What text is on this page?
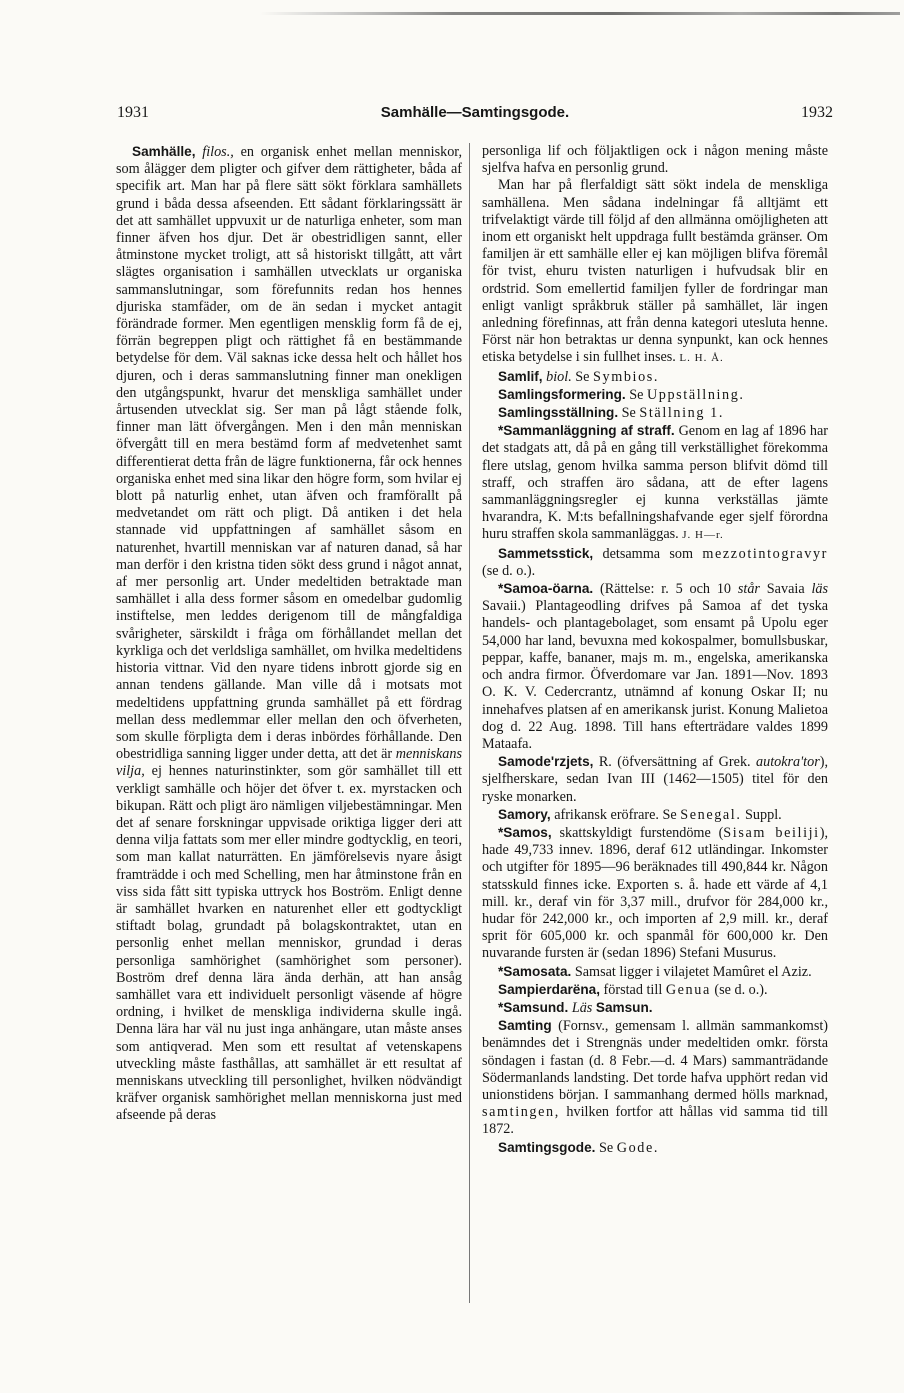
1931	Samhälle—Samtingsgode.	1932

Samhälle, filos., en organisk enhet mellan menniskor, som ålägger dem pligter och gifver dem rättigheter, båda af specifik art. Man har på flere sätt sökt förklara samhällets grund i båda dessa afseenden. Ett sådant förklaringssätt är det att samhället uppvuxit ur de naturliga enheter, som man finner äfven hos djur. Det är obestridligen sannt, eller åtminstone mycket troligt, att så historiskt tillgått, att vårt slägtes organisation i samhällen utvecklats ur organiska sammanslutningar, som förefunnits redan hos hennes djuriska stamfäder, om de än sedan i mycket antagit förändrade former. Men egentligen mensklig form få de ej, förrän begreppen pligt och rättighet få en bestämmande betydelse för dem. Väl saknas icke dessa helt och hållet hos djuren, och i deras sammanslutning finner man onekligen den utgångspunkt, hvarur det menskliga samhället under årtusenden utvecklat sig. Ser man på lågt stående folk, finner man lätt öfvergången. Men i den mån menniskan öfvergått till en mera bestämd form af medvetenhet samt differentierat detta från de lägre funktionerna, får ock hennes organiska enhet med sina likar den högre form, som hvilar ej blott på naturlig enhet, utan äfven och framförallt på medvetandet om rätt och pligt. Då antiken i det hela stannade vid uppfattningen af samhället såsom en naturenhet, hvartill menniskan var af naturen danad, så har man derför i den kristna tiden sökt dess grund i något annat, af mer personlig art. Under medeltiden betraktade man samhället i alla dess former såsom en omedelbar gudomlig instiftelse, men leddes derigenom till de mångfaldiga svårigheter, särskildt i fråga om förhållandet mellan det kyrkliga och det verldsliga samhället, om hvilka medeltidens historia vittnar. Vid den nyare tidens inbrott gjorde sig en annan tendens gällande. Man ville då i motsats mot medeltidens uppfattning grunda samhället på ett fördrag mellan dess medlemmar eller mellan den och öfverheten, som skulle förpligta dem i deras inbördes förhållande. Den obestridliga sanning ligger under detta, att det är menniskans vilja, ej hennes naturinstinkter, som gör samhället till ett verkligt samhälle och höjer det öfver t. ex. myrstacken och bikupan. Rätt och pligt äro nämligen viljebestämningar. Men det af senare forskningar uppvisade oriktiga ligger deri att denna vilja fattats som mer eller mindre godtycklig, en teori, som man kallat naturrätten. En jämförelsevis nyare åsigt framträdde i och med Schelling, men har åtminstone från en viss sida fått sitt typiska uttryck hos Boström. Enligt denne är samhället hvarken en naturenhet eller ett godtyckligt stiftadt bolag, grundadt på bolagskontraktet, utan en personlig enhet mellan menniskor, grundad i deras personliga samhörighet (samhörighet som personer). Boström dref denna lära ända derhän, att han ansåg samhället vara ett individuelt personligt väsende af högre ordning, i hvilket de menskliga individerna skulle ingå. Denna lära har väl nu just inga anhängare, utan måste anses som antiqverad. Men som ett resultat af vetenskapens utveckling måste fasthållas, att samhället är ett resultat af menniskans utveckling till personlighet, hvilken nödvändigt kräfver organisk samhörighet mellan menniskorna just med afseende på deras

personliga lif och följaktligen ock i någon mening måste sjelfva hafva en personlig grund.

Man har på flerfaldigt sätt sökt indela de menskliga samhällena. Men sådana indelningar få alltjämt ett trifvelaktigt värde till följd af den allmänna omöjligheten att inom ett organiskt helt uppdraga fullt bestämda gränser. Om familjen är ett samhälle eller ej kan möjligen blifva föremål för tvist, ehuru tvisten naturligen i hufvudsak blir en ordstrid. Som emellertid familjen fyller de fordringar man enligt vanligt språkbruk ställer på samhället, lär ingen anledning förefinnas, att från denna kategori utesluta henne. Först när hon betraktas ur denna synpunkt, kan ock hennes etiska betydelse i sin fullhet inses. L. H. Å.

Samlif, biol. Se Symbios.

Samlingsformering. Se Uppställning.

Samlingsställning. Se Ställning 1.

*Sammanläggning af straff. Genom en lag af 1896 har det stadgats att, då på en gång till verkställighet förekomma flere utslag, genom hvilka samma person blifvit dömd till straff, och straffen äro sådana, att de efter lagens sammanläggningsregler ej kunna verkställas jämte hvarandra, K. M:ts befallningshafvande eger sjelf förordna huru straffen skola sammanläggas. J. H—r.

Sammetsstick, detsamma som mezzotintogravyr (se d. o.).

*Samoa-öarna. (Rättelse: r. 5 och 10 står Savaia läs Savaii.) Plantageodling drifves på Samoa af det tyska handels- och plantagebolaget, som ensamt på Upolu eger 54,000 har land, bevuxna med kokospalmer, bomullsbuskar, peppar, kaffe, bananer, majs m. m., engelska, amerikanska och andra firmor. Öfverdomare var Jan. 1891—Nov. 1893 O. K. V. Cedercrantz, utnämnd af konung Oskar II; nu innehafves platsen af en amerikansk jurist. Konung Malietoa dog d. 22 Aug. 1898. Till hans efterträdare valdes 1899 Mataafa.

Samode'rzjets, R. (öfversättning af Grek. autokra'tor), sjelfherskare, sedan Ivan III (1462—1505) titel för den ryske monarken.

Samory, afrikansk eröfrare. Se Senegal. Suppl.

*Samos, skattskyldigt furstendöme (Sisam beilijі), hade 49,733 innev. 1896, deraf 612 utländingar. Inkomster och utgifter för 1895—96 beräknades till 490,844 kr. Någon statsskuld finnes icke. Exporten s. å. hade ett värde af 4,1 mill. kr., deraf vin för 3,37 mill., drufvor för 284,000 kr., hudar för 242,000 kr., och importen af 2,9 mill. kr., deraf sprit för 605,000 kr. och spanmål för 600,000 kr. Den nuvarande fursten är (sedan 1896) Stefani Musurus.

*Samosata. Samsat ligger i vilajetet Mamûret el Aziz.

Sampierdarëna, förstad till Genua (se d. o.).

*Samsund. Läs Samsun.

Samting (Fornsv., gemensam l. allmän sammankomst) benämndes det i Strengnäs under medeltiden omkr. första söndagen i fastan (d. 8 Febr.—d. 4 Mars) sammanträdande Södermanlands landsting. Det torde hafva upphört redan vid unionstidens början. I sammanhang dermed hölls marknad, samtingen, hvilken fortfor att hållas vid samma tid till 1872.

Samtingsgode. Se Gode.
